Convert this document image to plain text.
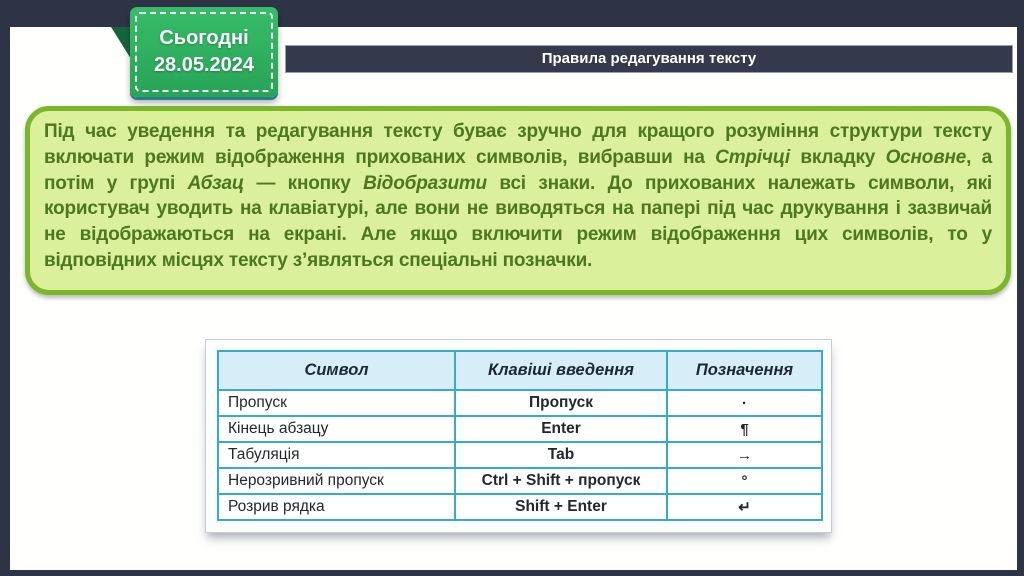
Сьогодні
28.05.2024	Правила редагування тексту

Під час уведення та редагування тексту буває зручно для кращого розуміння структури тексту включати режим відображення прихованих символів, вибравши на Стрічці вкладку Основне, а потім у групі Абзац — кнопку Відобразити всі знаки. До прихованих належать символи, які користувач уводить на клавіатурі, але вони не виводяться на папері під час друкування і зазвичай не відображаються на екрані. Але якщо включити режим відображення цих символів, то у відповідних місцях тексту з’являться спеціальні позначки.

Символ	Клавіші введення	Позначення
Пропуск	Пропуск	·
Кінець абзацу	Enter	¶
Табуляція	Tab	→
Нерозривний пропуск	Ctrl + Shift + пропуск	°
Розрив рядка	Shift + Enter	↵
